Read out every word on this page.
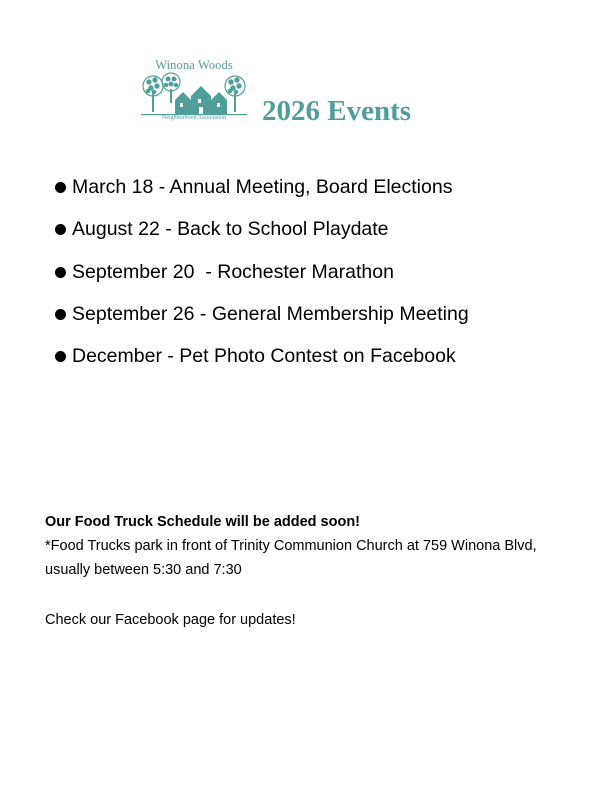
Winona Woods
Neighborhood Association	2026 Events
March 18 - Annual Meeting, Board Elections
August 22 - Back to School Playdate
September 20  - Rochester Marathon
September 26 - General Membership Meeting
December - Pet Photo Contest on Facebook

Our Food Truck Schedule will be added soon!

*Food Trucks park in front of Trinity Communion Church at 759 Winona Blvd, usually between 5:30 and 7:30

Check our Facebook page for updates!
